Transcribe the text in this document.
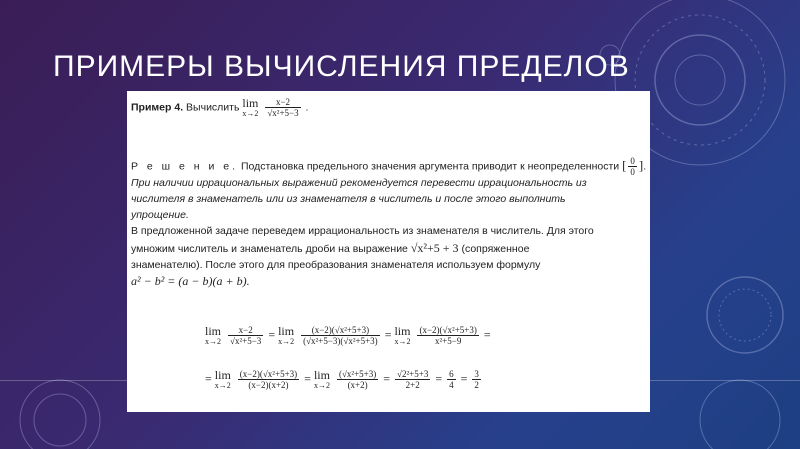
ПРИМЕРЫ ВЫЧИСЛЕНИЯ ПРЕДЕЛОВ
Пример 4. Вычислить lim
x→2
$\frac{x-2}{\text{√x²+5−3}}$ .
Р е ш е н и е. Подстановка предельного значения аргумента приводит к неопределенности [ $\frac{0}{0}$ ].
При наличии иррациональных выражений рекомендуется перевести иррациональность из
числителя в знаменатель или из знаменателя в числитель и после этого выполнить
упрощение.
В предложенной задаче переведем иррациональность из знаменателя в числитель. Для этого
умножим числитель и знаменатель дроби на выражение √x²+5 + 3 (сопряженное
знаменателю). После этого для преобразования знаменателя используем формулу
a² − b² = (a − b)(a + b).
lim
x→2
$\frac{x-2}{\text{√x²+5−3}} = \lim$
x→2
$\frac{\text{(x−2)(√x²+5+3)}}{\text{(√x²+5−3)(√x²+5+3)}} = \lim$
x→2
$\frac{\text{(x−2)(√x²+5+3)}}{\text{x²+5−9}}$ =
= lim
x→2
$\frac{\text{(x−2)(√x²+5+3)}}{(x-2)(x+2)} = \lim$
x→2
$\frac{\text{(√x²+5+3)}}{(x+2)} = \frac{\text{√2²+5+3}}{2+2} = \frac{6}{4} = \frac{3}{2}$
